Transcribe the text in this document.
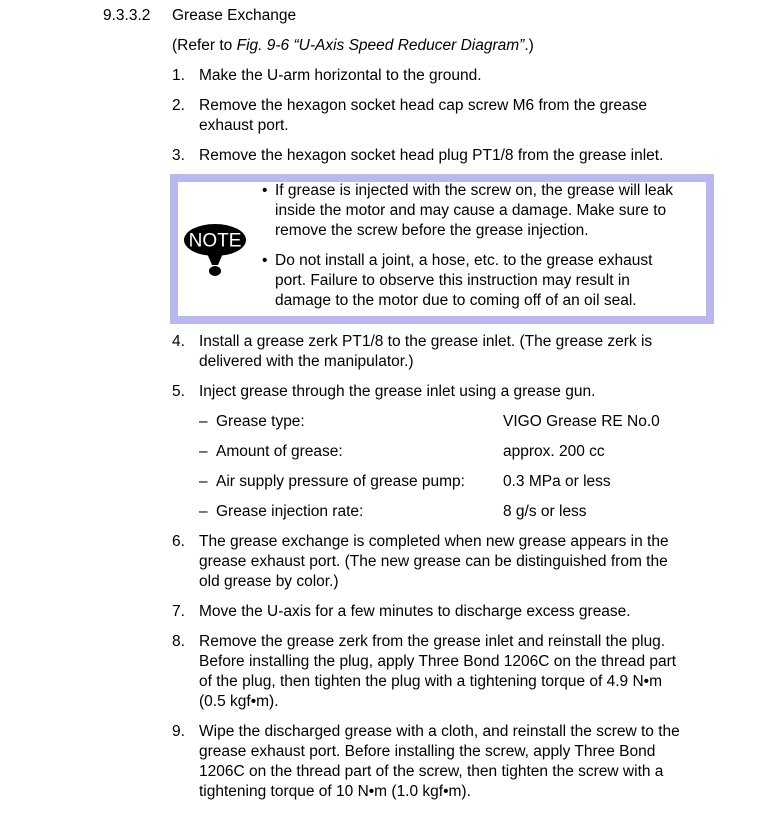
9.3.3.2 Grease Exchange
(Refer to Fig. 9-6 “U-Axis Speed Reducer Diagram”.)
1. Make the U-arm horizontal to the ground.
2. Remove the hexagon socket head cap screw M6 from the grease
exhaust port.
3. Remove the hexagon socket head plug PT1/8 from the grease inlet.
NOTE
• If grease is injected with the screw on, the grease will leak
inside the motor and may cause a damage. Make sure to
remove the screw before the grease injection.
• Do not install a joint, a hose, etc. to the grease exhaust
port. Failure to observe this instruction may result in
damage to the motor due to coming off of an oil seal.
4. Install a grease zerk PT1/8 to the grease inlet. (The grease zerk is
delivered with the manipulator.)
5. Inject grease through the grease inlet using a grease gun.
– Grease type:	VIGO Grease RE No.0
– Amount of grease:	approx. 200 cc
– Air supply pressure of grease pump: 0.3 MPa or less
– Grease injection rate:	8 g/s or less
6. The grease exchange is completed when new grease appears in the
grease exhaust port. (The new grease can be distinguished from the
old grease by color.)
7. Move the U-axis for a few minutes to discharge excess grease.
8. Remove the grease zerk from the grease inlet and reinstall the plug.
Before installing the plug, apply Three Bond 1206C on the thread part
of the plug, then tighten the plug with a tightening torque of 4.9 N•m
(0.5 kgf•m).
9. Wipe the discharged grease with a cloth, and reinstall the screw to the
grease exhaust port. Before installing the screw, apply Three Bond
1206C on the thread part of the screw, then tighten the screw with a
tightening torque of 10 N•m (1.0 kgf•m).
